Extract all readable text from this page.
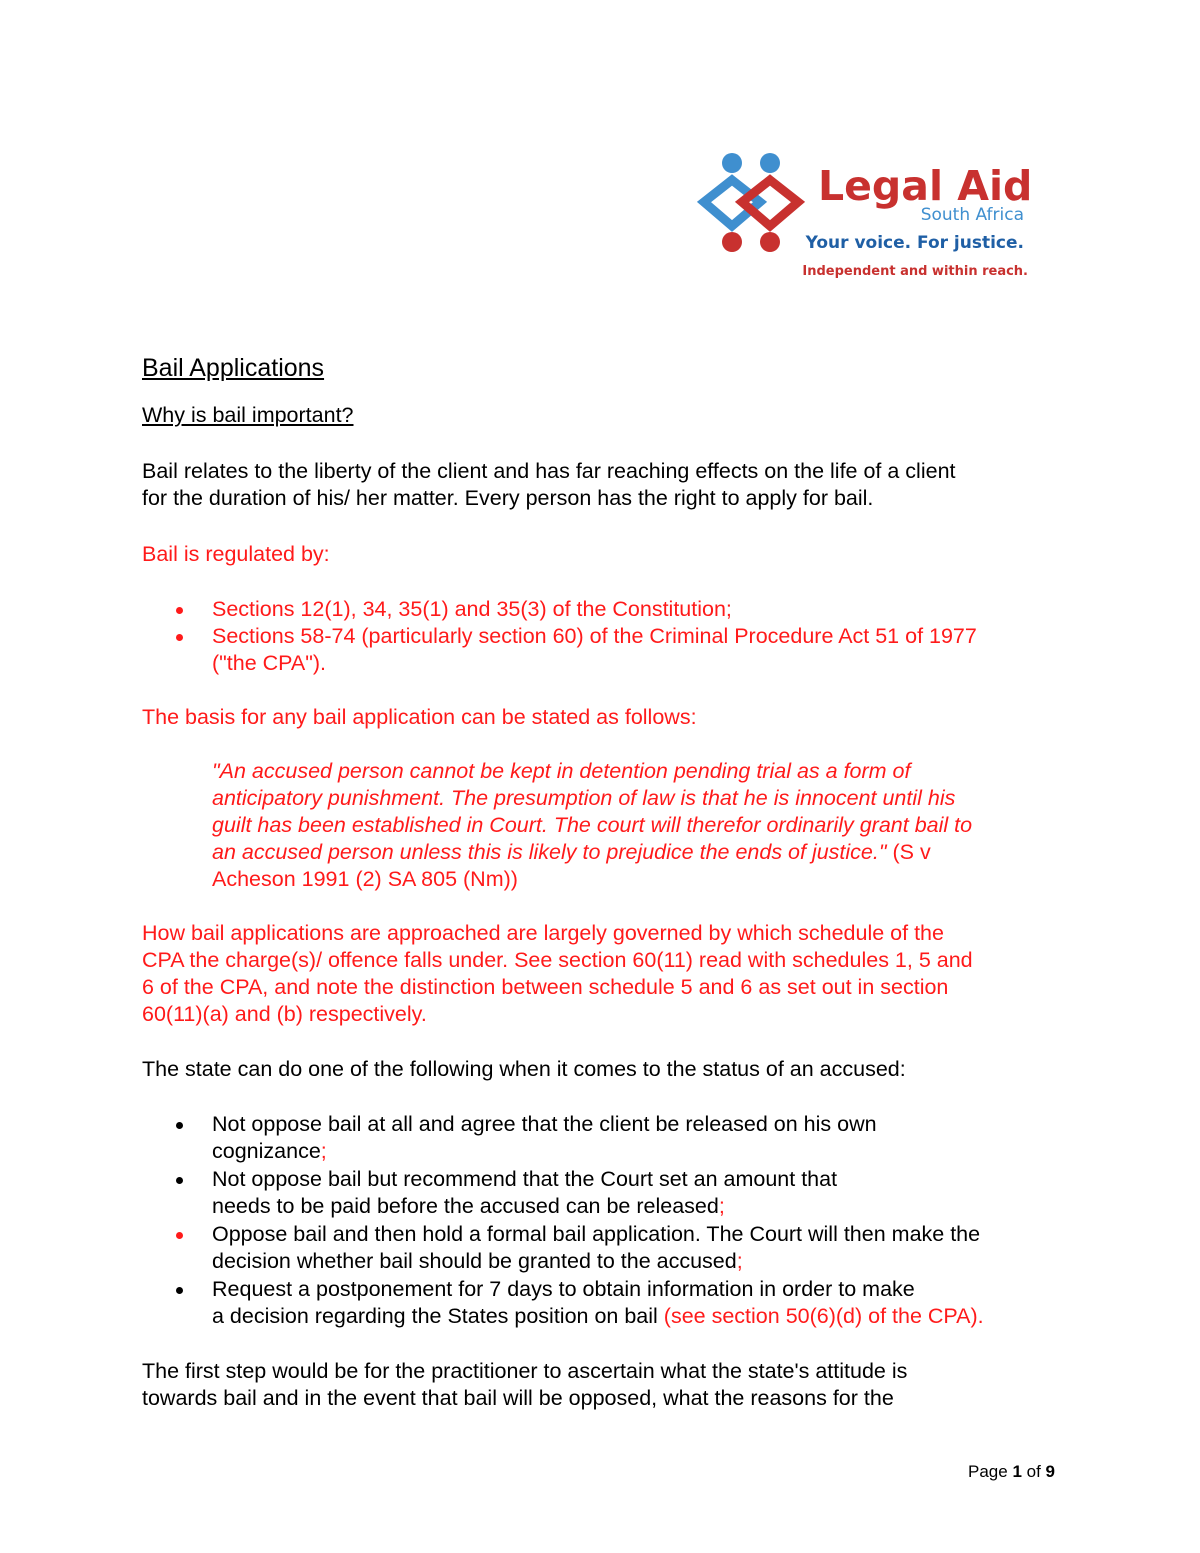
Legal Aid
South Africa
Your voice. For justice.
Independent and within reach.
Bail Applications
Why is bail important?
Bail relates to the liberty of the client and has far reaching effects on the life of a client
for the duration of his/ her matter. Every person has the right to apply for bail.
Bail is regulated by:
Sections 12(1), 34, 35(1) and 35(3) of the Constitution;
Sections 58-74 (particularly section 60) of the Criminal Procedure Act 51 of 1977
("the CPA").
The basis for any bail application can be stated as follows:
"An accused person cannot be kept in detention pending trial as a form of
anticipatory punishment. The presumption of law is that he is innocent until his
guilt has been established in Court. The court will therefor ordinarily grant bail to
an accused person unless this is likely to prejudice the ends of justice." (S v
Acheson 1991 (2) SA 805 (Nm))
How bail applications are approached are largely governed by which schedule of the
CPA the charge(s)/ offence falls under. See section 60(11) read with schedules 1, 5 and
6 of the CPA, and note the distinction between schedule 5 and 6 as set out in section
60(11)(a) and (b) respectively.
The state can do one of the following when it comes to the status of an accused:
Not oppose bail at all and agree that the client be released on his own
cognizance;
Not oppose bail but recommend that the Court set an amount that
needs to be paid before the accused can be released;
Oppose bail and then hold a formal bail application. The Court will then make the
decision whether bail should be granted to the accused;
Request a postponement for 7 days to obtain information in order to make
a decision regarding the States position on bail (see section 50(6)(d) of the CPA).
The first step would be for the practitioner to ascertain what the state's attitude is
towards bail and in the event that bail will be opposed, what the reasons for the
Page 1 of 9
